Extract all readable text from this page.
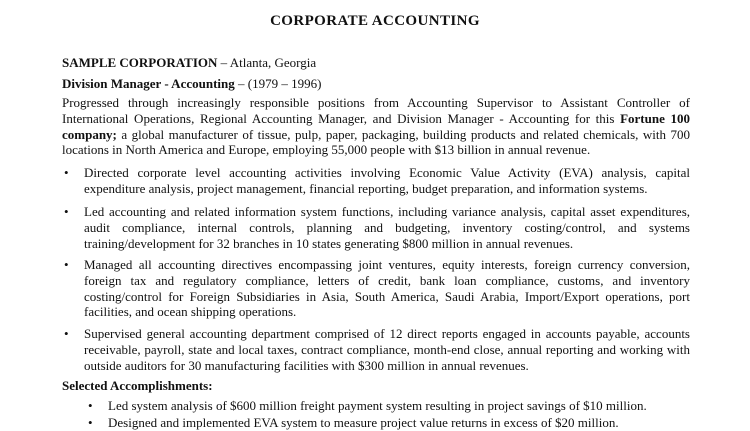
CORPORATE ACCOUNTING
SAMPLE CORPORATION – Atlanta, Georgia
Division Manager - Accounting – (1979 – 1996)
Progressed through increasingly responsible positions from Accounting Supervisor to Assistant Controller of International Operations, Regional Accounting Manager, and Division Manager - Accounting for this Fortune 100 company; a global manufacturer of tissue, pulp, paper, packaging, building products and related chemicals, with 700 locations in North America and Europe, employing 55,000 people with $13 billion in annual revenue.
• Directed corporate level accounting activities involving Economic Value Activity (EVA) analysis, capital expenditure analysis, project management, financial reporting, budget preparation, and information systems.
• Led accounting and related information system functions, including variance analysis, capital asset expenditures, audit compliance, internal controls, planning and budgeting, inventory costing/control, and systems training/development for 32 branches in 10 states generating $800 million in annual revenues.
• Managed all accounting directives encompassing joint ventures, equity interests, foreign currency conversion, foreign tax and regulatory compliance, letters of credit, bank loan compliance, customs, and inventory costing/control for Foreign Subsidiaries in Asia, South America, Saudi Arabia, Import/Export operations, port facilities, and ocean shipping operations.
• Supervised general accounting department comprised of 12 direct reports engaged in accounts payable, accounts receivable, payroll, state and local taxes, contract compliance, month-end close, annual reporting and working with outside auditors for 30 manufacturing facilities with $300 million in annual revenues.
Selected Accomplishments:
• Led system analysis of $600 million freight payment system resulting in project savings of $10 million.
• Designed and implemented EVA system to measure project value returns in excess of $20 million.
